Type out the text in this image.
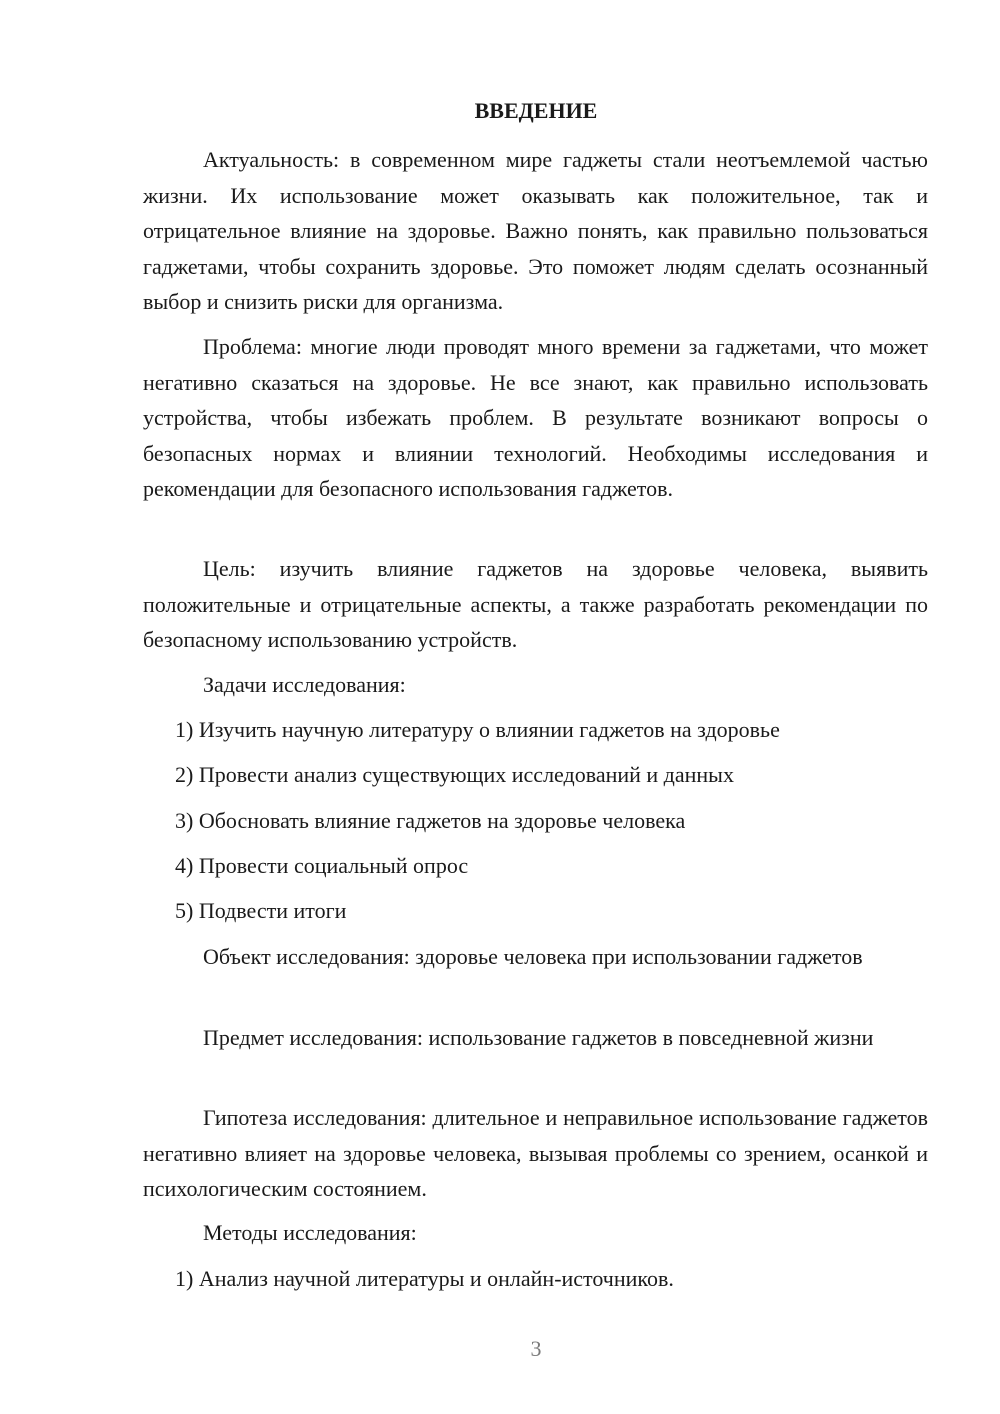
ВВЕДЕНИЕ

Актуальность: в современном мире гаджеты стали неотъемлемой частью жизни. Их использование может оказывать как положительное, так и отрицательное влияние на здоровье. Важно понять, как правильно пользоваться гаджетами, чтобы сохранить здоровье. Это поможет людям сделать осознанный выбор и снизить риски для организма.

Проблема: многие люди проводят много времени за гаджетами, что может негативно сказаться на здоровье. Не все знают, как правильно использовать устройства, чтобы избежать проблем. В результате возникают вопросы о безопасных нормах и влиянии технологий. Необходимы исследования и рекомендации для безопасного использования гаджетов.

Цель: изучить влияние гаджетов на здоровье человека, выявить положительные и отрицательные аспекты, а также разработать рекомендации по безопасному использованию устройств.

Задачи исследования:

1) Изучить научную литературу о влиянии гаджетов на здоровье

2) Провести анализ существующих исследований и данных

3) Обосновать влияние гаджетов на здоровье человека

4) Провести социальный опрос

5) Подвести итоги

Объект исследования: здоровье человека при использовании гаджетов

Предмет исследования: использование гаджетов в повседневной жизни

Гипотеза исследования: длительное и неправильное использование гаджетов негативно влияет на здоровье человека, вызывая проблемы со зрением, осанкой и психологическим состоянием.

Методы исследования:

1) Анализ научной литературы и онлайн-источников.

3
